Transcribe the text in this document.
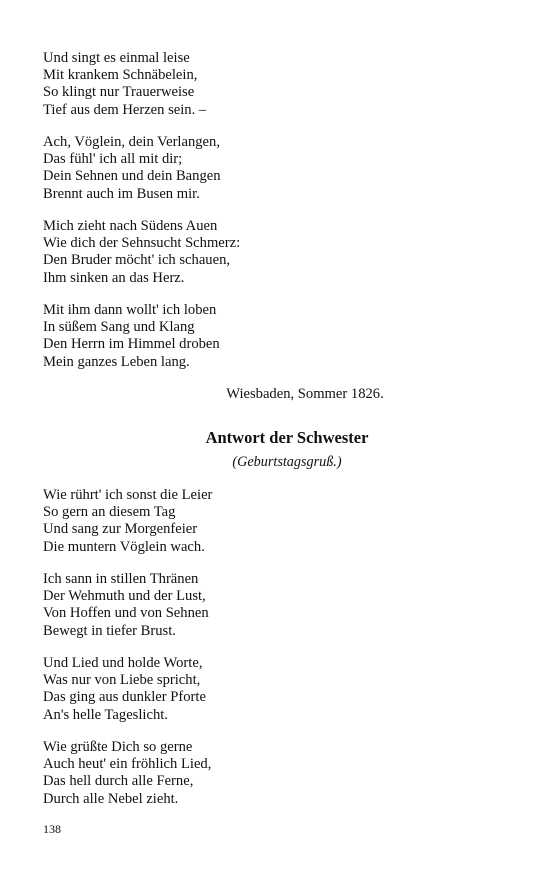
Und singt es einmal leise
Mit krankem Schnäbelein,
So klingt nur Trauerweise
Tief aus dem Herzen sein. –
Ach, Vöglein, dein Verlangen,
Das fühl' ich all mit dir;
Dein Sehnen und dein Bangen
Brennt auch im Busen mir.
Mich zieht nach Südens Auen
Wie dich der Sehnsucht Schmerz:
Den Bruder möcht' ich schauen,
Ihm sinken an das Herz.
Mit ihm dann wollt' ich loben
In süßem Sang und Klang
Den Herrn im Himmel droben
Mein ganzes Leben lang.
Wiesbaden, Sommer 1826.
Antwort der Schwester
(Geburtstagsgruß.)
Wie rührt' ich sonst die Leier
So gern an diesem Tag
Und sang zur Morgenfeier
Die muntern Vöglein wach.
Ich sann in stillen Thränen
Der Wehmuth und der Lust,
Von Hoffen und von Sehnen
Bewegt in tiefer Brust.
Und Lied und holde Worte,
Was nur von Liebe spricht,
Das ging aus dunkler Pforte
An's helle Tageslicht.
Wie grüßte Dich so gerne
Auch heut' ein fröhlich Lied,
Das hell durch alle Ferne,
Durch alle Nebel zieht.
138
